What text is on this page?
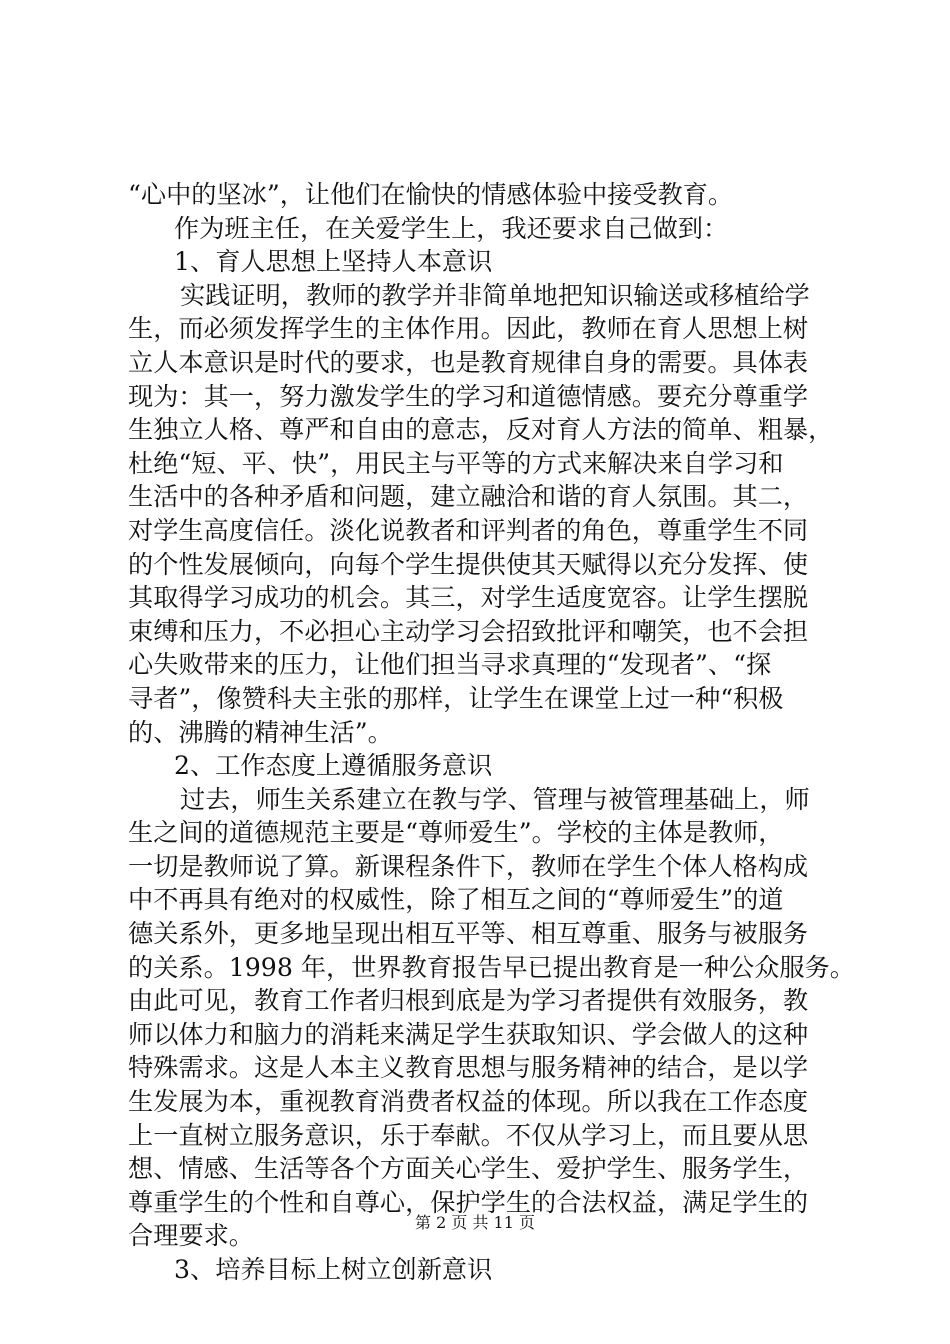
“心中的坚冰”，让他们在愉快的情感体验中接受教育。
作为班主任，在关爱学生上，我还要求自己做到：
1、育人思想上坚持人本意识
实践证明，教师的教学并非简单地把知识输送或移植给学
生，而必须发挥学生的主体作用。因此，教师在育人思想上树
立人本意识是时代的要求，也是教育规律自身的需要。具体表
现为：其一，努力激发学生的学习和道德情感。要充分尊重学
生独立人格、尊严和自由的意志，反对育人方法的简单、粗暴，
杜绝“短、平、快”，用民主与平等的方式来解决来自学习和
生活中的各种矛盾和问题，建立融洽和谐的育人氛围。其二，
对学生高度信任。淡化说教者和评判者的角色，尊重学生不同
的个性发展倾向，向每个学生提供使其天赋得以充分发挥、使
其取得学习成功的机会。其三，对学生适度宽容。让学生摆脱
束缚和压力，不必担心主动学习会招致批评和嘲笑，也不会担
心失败带来的压力，让他们担当寻求真理的“发现者”、“探
寻者”，像赞科夫主张的那样，让学生在课堂上过一种“积极
的、沸腾的精神生活”。
2、工作态度上遵循服务意识
过去，师生关系建立在教与学、管理与被管理基础上，师
生之间的道德规范主要是“尊师爱生”。学校的主体是教师，
一切是教师说了算。新课程条件下，教师在学生个体人格构成
中不再具有绝对的权威性，除了相互之间的“尊师爱生”的道
德关系外，更多地呈现出相互平等、相互尊重、服务与被服务
的关系。1998 年，世界教育报告早已提出教育是一种公众服务。
由此可见，教育工作者归根到底是为学习者提供有效服务，教
师以体力和脑力的消耗来满足学生获取知识、学会做人的这种
特殊需求。这是人本主义教育思想与服务精神的结合，是以学
生发展为本，重视教育消费者权益的体现。所以我在工作态度
上一直树立服务意识，乐于奉献。不仅从学习上，而且要从思
想、情感、生活等各个方面关心学生、爱护学生、服务学生，
尊重学生的个性和自尊心，保护学生的合法权益，满足学生的
合理要求。
3、培养目标上树立创新意识
第 2 页 共 11 页
